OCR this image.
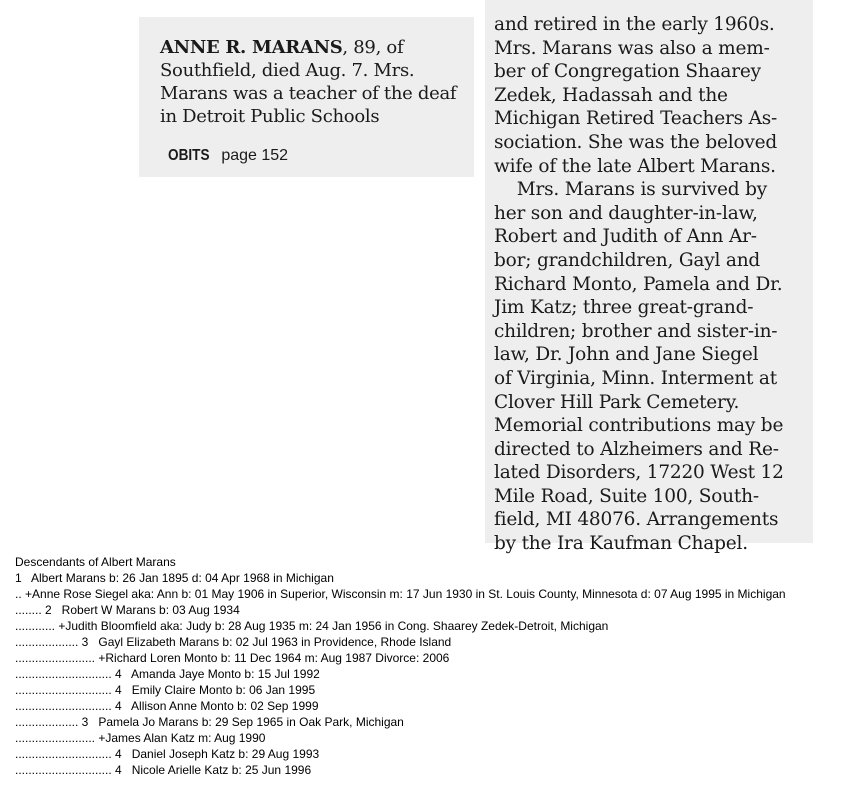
ANNE R. MARANS, 89, of Southfield, died Aug. 7. Mrs. Marans was a teacher of the deaf in Detroit Public Schools
OBITS page 152
and retired in the early 1960s.
Mrs. Marans was also a mem-
ber of Congregation Shaarey
Zedek, Hadassah and the
Michigan Retired Teachers As-
sociation. She was the beloved
wife of the late Albert Marans.
Mrs. Marans is survived by
her son and daughter-in-law,
Robert and Judith of Ann Ar-
bor; grandchildren, Gayl and
Richard Monto, Pamela and Dr.
Jim Katz; three great-grand-
children; brother and sister-in-
law, Dr. John and Jane Siegel
of Virginia, Minn. Interment at
Clover Hill Park Cemetery.
Memorial contributions may be
directed to Alzheimers and Re-
lated Disorders, 17220 West 12
Mile Road, Suite 100, South-
field, MI 48076. Arrangements
by the Ira Kaufman Chapel.
Descendants of Albert Marans
1   Albert Marans b: 26 Jan 1895 d: 04 Apr 1968 in Michigan
.. +Anne Rose Siegel aka: Ann b: 01 May 1906 in Superior, Wisconsin m: 17 Jun 1930 in St. Louis County, Minnesota d: 07 Aug 1995 in Michigan
........ 2   Robert W Marans b: 03 Aug 1934
............ +Judith Bloomfield aka: Judy b: 28 Aug 1935 m: 24 Jan 1956 in Cong. Shaarey Zedek-Detroit, Michigan
................... 3   Gayl Elizabeth Marans b: 02 Jul 1963 in Providence, Rhode Island
........................ +Richard Loren Monto b: 11 Dec 1964 m: Aug 1987 Divorce: 2006
............................. 4   Amanda Jaye Monto b: 15 Jul 1992
............................. 4   Emily Claire Monto b: 06 Jan 1995
............................. 4   Allison Anne Monto b: 02 Sep 1999
................... 3   Pamela Jo Marans b: 29 Sep 1965 in Oak Park, Michigan
........................ +James Alan Katz m: Aug 1990
............................. 4   Daniel Joseph Katz b: 29 Aug 1993
............................. 4   Nicole Arielle Katz b: 25 Jun 1996
